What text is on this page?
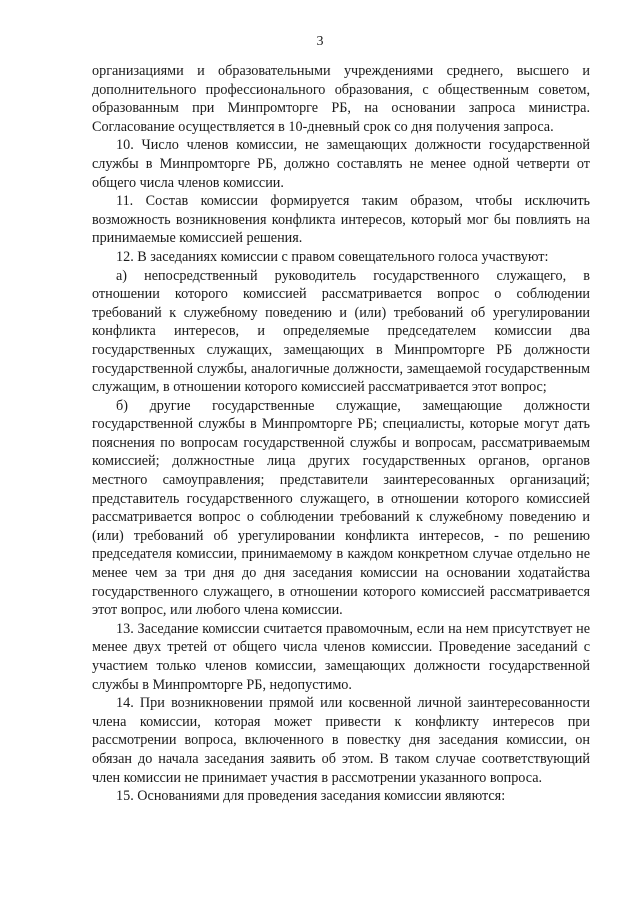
3

организациями и образовательными учреждениями среднего, высшего и дополнительного профессионального образования, с общественным советом, образованным при Минпромторге РБ, на основании запроса министра. Согласование осуществляется в 10-дневный срок со дня получения запроса.

10. Число членов комиссии, не замещающих должности государственной службы в Минпромторге РБ, должно составлять не менее одной четверти от общего числа членов комиссии.

11. Состав комиссии формируется таким образом, чтобы исключить возможность возникновения конфликта интересов, который мог бы повлиять на принимаемые комиссией решения.

12. В заседаниях комиссии с правом совещательного голоса участвуют:

а) непосредственный руководитель государственного служащего, в отношении которого комиссией рассматривается вопрос о соблюдении требований к служебному поведению и (или) требований об урегулировании конфликта интересов, и определяемые председателем комиссии два государственных служащих, замещающих в Минпромторге РБ должности государственной службы, аналогичные должности, замещаемой государственным служащим, в отношении которого комиссией рассматривается этот вопрос;

б) другие государственные служащие, замещающие должности государственной службы в Минпромторге РБ; специалисты, которые могут дать пояснения по вопросам государственной службы и вопросам, рассматриваемым комиссией; должностные лица других государственных органов, органов местного самоуправления; представители заинтересованных организаций; представитель государственного служащего, в отношении которого комиссией рассматривается вопрос о соблюдении требований к служебному поведению и (или) требований об урегулировании конфликта интересов, - по решению председателя комиссии, принимаемому в каждом конкретном случае отдельно не менее чем за три дня до дня заседания комиссии на основании ходатайства государственного служащего, в отношении которого комиссией рассматривается этот вопрос, или любого члена комиссии.

13. Заседание комиссии считается правомочным, если на нем присутствует не менее двух третей от общего числа членов комиссии. Проведение заседаний с участием только членов комиссии, замещающих должности государственной службы в Минпромторге РБ, недопустимо.

14. При возникновении прямой или косвенной личной заинтересованности члена комиссии, которая может привести к конфликту интересов при рассмотрении вопроса, включенного в повестку дня заседания комиссии, он обязан до начала заседания заявить об этом. В таком случае соответствующий член комиссии не принимает участия в рассмотрении указанного вопроса.

15. Основаниями для проведения заседания комиссии являются:
